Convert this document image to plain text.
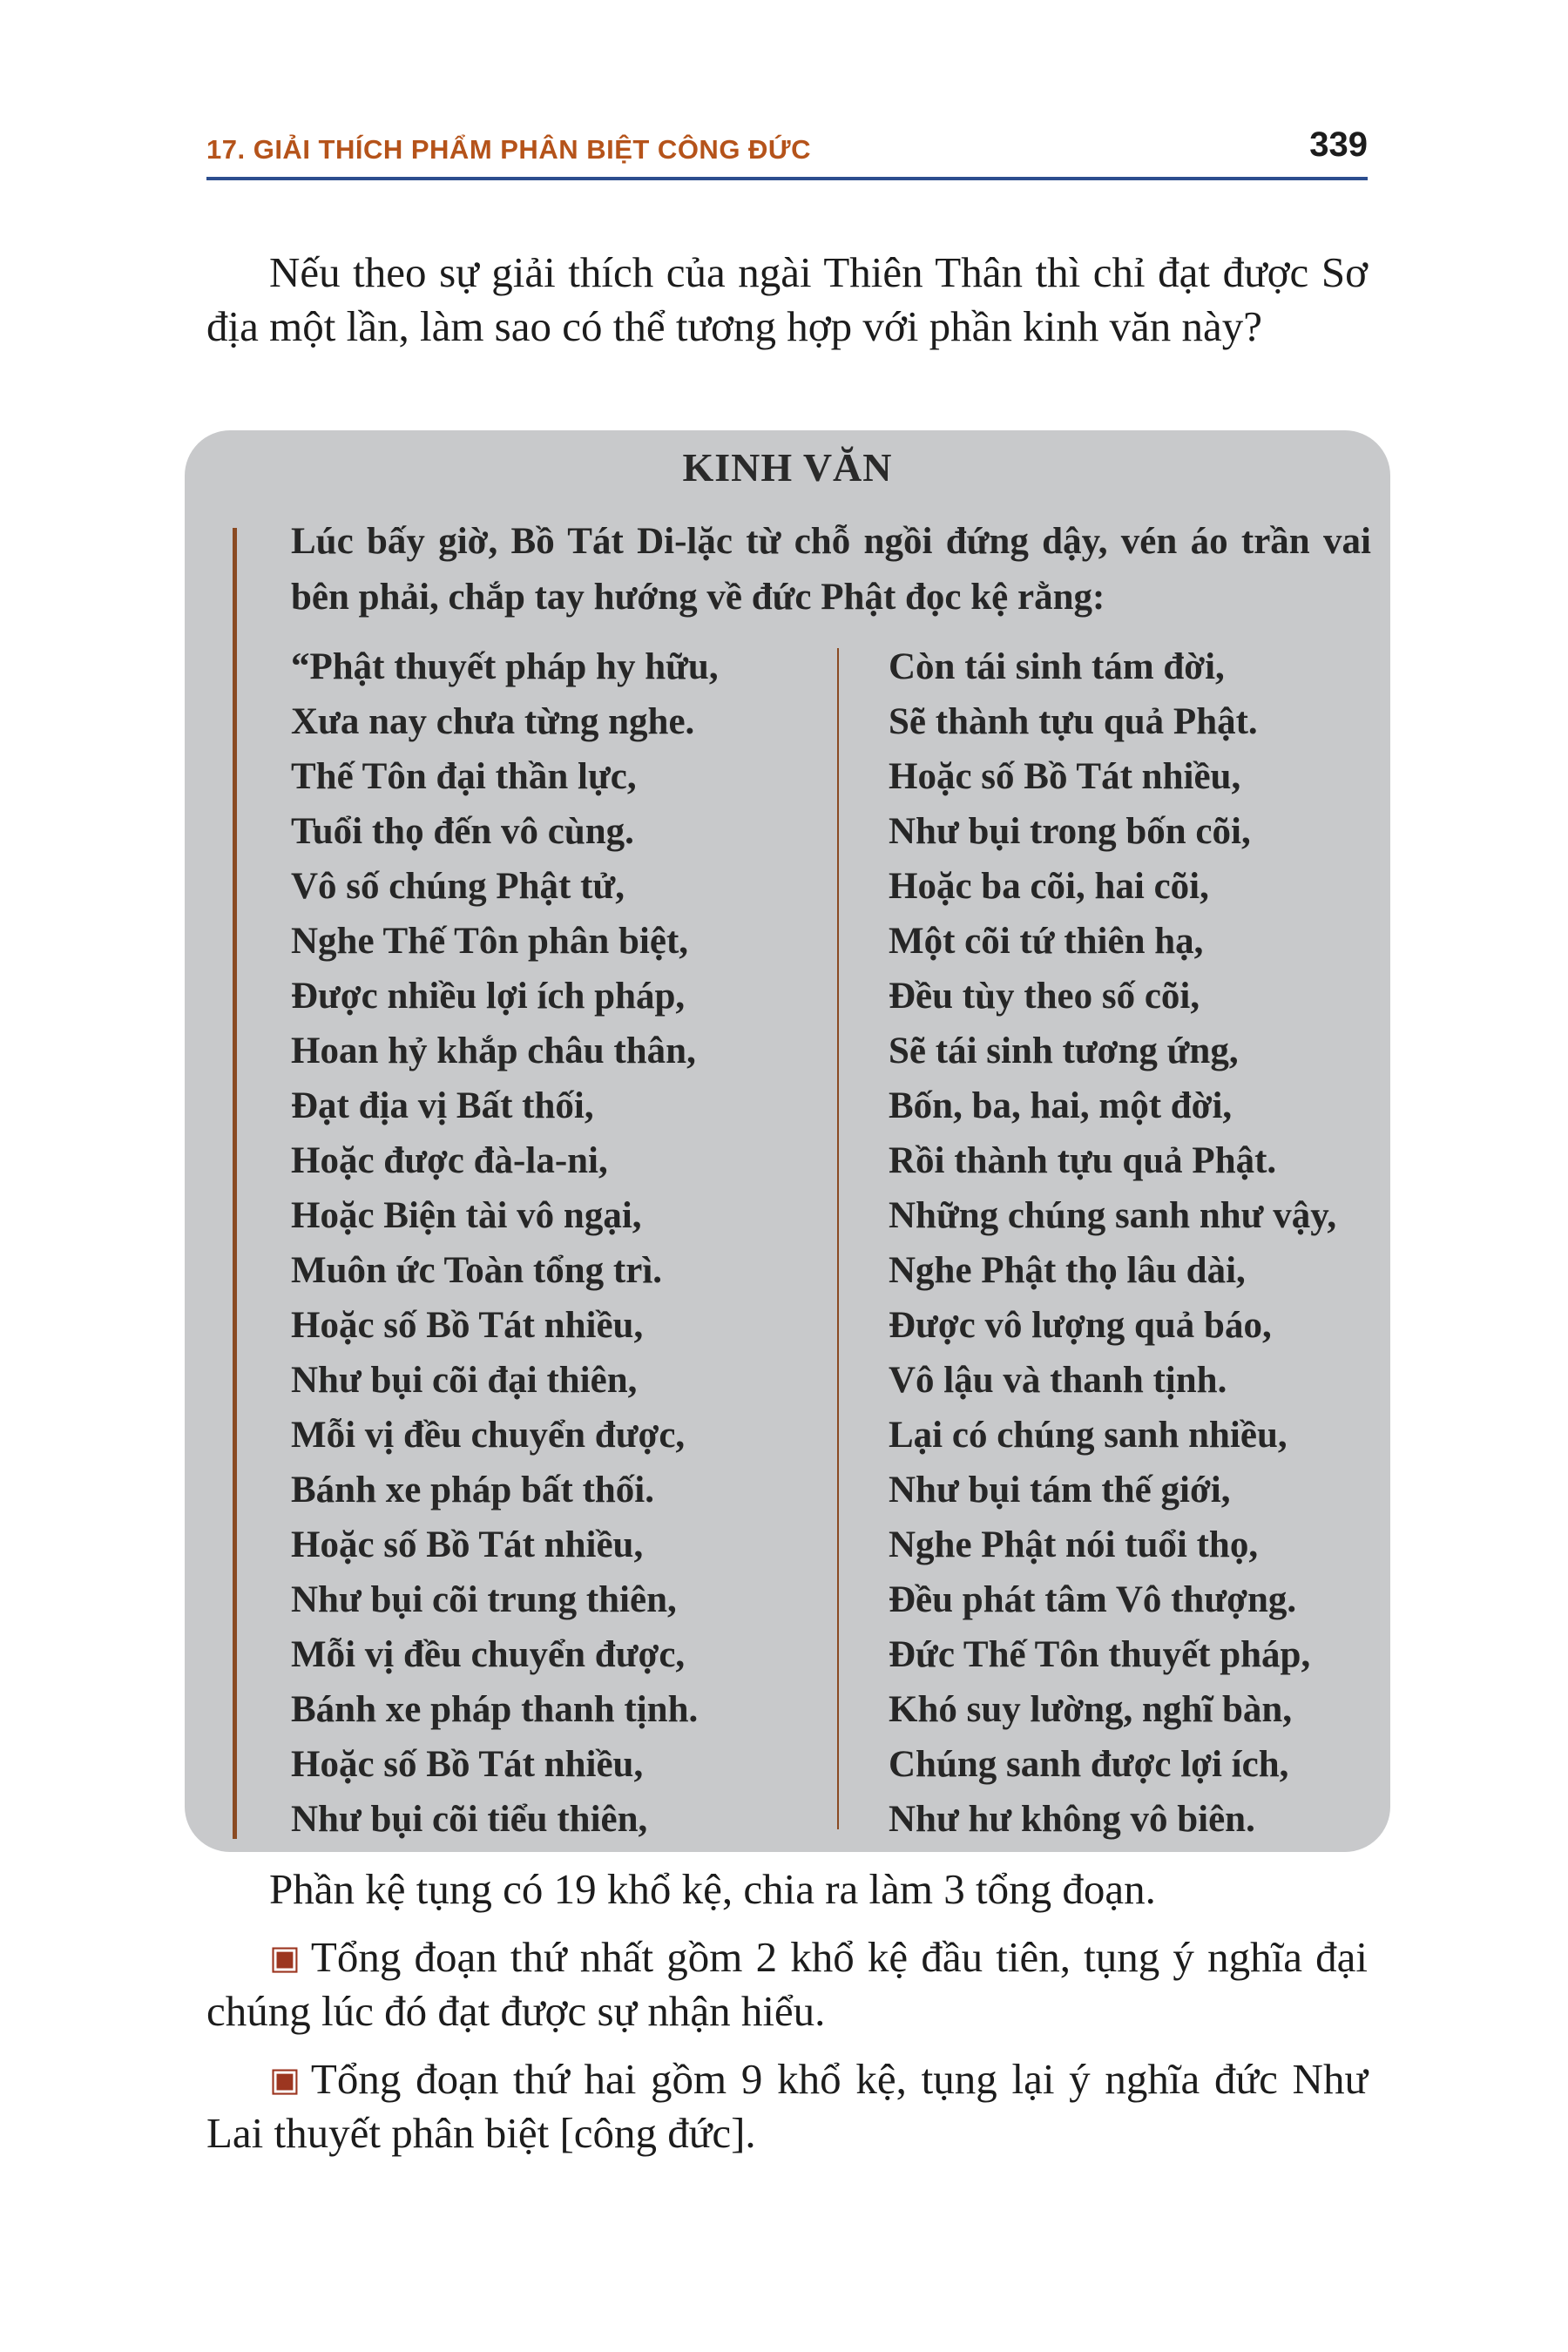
17. GIẢI THÍCH PHẨM PHÂN BIỆT CÔNG ĐỨC	339

Nếu theo sự giải thích của ngài Thiên Thân thì chỉ đạt được Sơ địa một lần, làm sao có thể tương hợp với phần kinh văn này?

KINH VĂN

Lúc bấy giờ, Bồ Tát Di-lặc từ chỗ ngồi đứng dậy, vén áo trần vai bên phải, chắp tay hướng về đức Phật đọc kệ rằng:

“Phật thuyết pháp hy hữu,
Xưa nay chưa từng nghe.
Thế Tôn đại thần lực,
Tuổi thọ đến vô cùng.
Vô số chúng Phật tử,
Nghe Thế Tôn phân biệt,
Được nhiều lợi ích pháp,
Hoan hỷ khắp châu thân,
Đạt địa vị Bất thối,
Hoặc được đà-la-ni,
Hoặc Biện tài vô ngại,
Muôn ức Toàn tổng trì.
Hoặc số Bồ Tát nhiều,
Như bụi cõi đại thiên,
Mỗi vị đều chuyển được,
Bánh xe pháp bất thối.
Hoặc số Bồ Tát nhiều,
Như bụi cõi trung thiên,
Mỗi vị đều chuyển được,
Bánh xe pháp thanh tịnh.
Hoặc số Bồ Tát nhiều,
Như bụi cõi tiểu thiên,
Còn tái sinh tám đời,
Sẽ thành tựu quả Phật.
Hoặc số Bồ Tát nhiều,
Như bụi trong bốn cõi,
Hoặc ba cõi, hai cõi,
Một cõi tứ thiên hạ,
Đều tùy theo số cõi,
Sẽ tái sinh tương ứng,
Bốn, ba, hai, một đời,
Rồi thành tựu quả Phật.
Những chúng sanh như vậy,
Nghe Phật thọ lâu dài,
Được vô lượng quả báo,
Vô lậu và thanh tịnh.
Lại có chúng sanh nhiều,
Như bụi tám thế giới,
Nghe Phật nói tuổi thọ,
Đều phát tâm Vô thượng.
Đức Thế Tôn thuyết pháp,
Khó suy lường, nghĩ bàn,
Chúng sanh được lợi ích,
Như hư không vô biên.

Phần kệ tụng có 19 khổ kệ, chia ra làm 3 tổng đoạn.

▣ Tổng đoạn thứ nhất gồm 2 khổ kệ đầu tiên, tụng ý nghĩa đại chúng lúc đó đạt được sự nhận hiểu.

▣ Tổng đoạn thứ hai gồm 9 khổ kệ, tụng lại ý nghĩa đức Như Lai thuyết phân biệt [công đức].
